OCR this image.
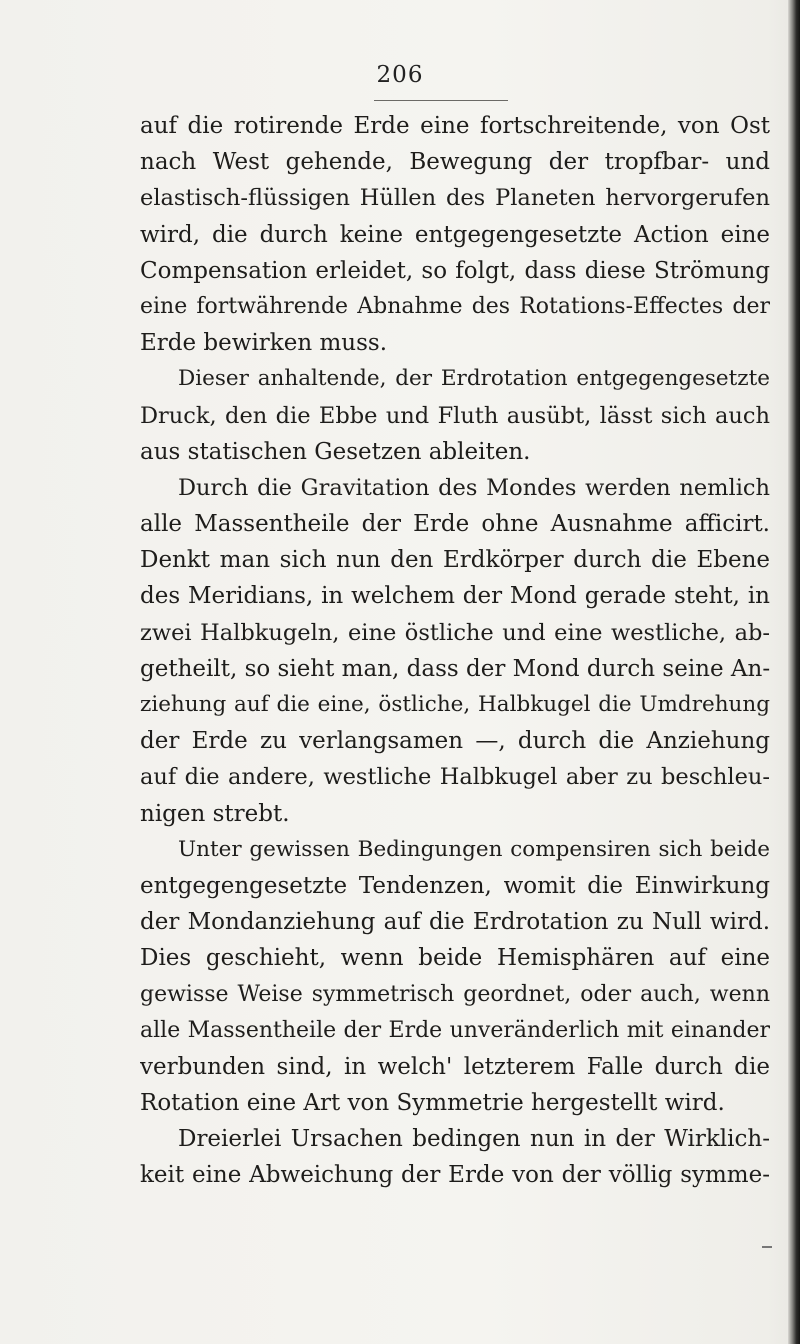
206
auf die rotirende Erde eine fortschreitende, von Ost
nach West gehende, Bewegung der tropfbar- und
elastisch-flüssigen Hüllen des Planeten hervorgerufen
wird, die durch keine entgegengesetzte Action eine
Compensation erleidet, so folgt, dass diese Strömung
eine fortwährende Abnahme des Rotations-Effectes der
Erde bewirken muss.
Dieser anhaltende, der Erdrotation entgegengesetzte
Druck, den die Ebbe und Fluth ausübt, lässt sich auch
aus statischen Gesetzen ableiten.
Durch die Gravitation des Mondes werden nemlich
alle Massentheile der Erde ohne Ausnahme afficirt.
Denkt man sich nun den Erdkörper durch die Ebene
des Meridians, in welchem der Mond gerade steht, in
zwei Halbkugeln, eine östliche und eine westliche, ab-
getheilt, so sieht man, dass der Mond durch seine An-
ziehung auf die eine, östliche, Halbkugel die Umdrehung
der Erde zu verlangsamen —, durch die Anziehung
auf die andere, westliche Halbkugel aber zu beschleu-
nigen strebt.
Unter gewissen Bedingungen compensiren sich beide
entgegengesetzte Tendenzen, womit die Einwirkung
der Mondanziehung auf die Erdrotation zu Null wird.
Dies geschieht, wenn beide Hemisphären auf eine
gewisse Weise symmetrisch geordnet, oder auch, wenn
alle Massentheile der Erde unveränderlich mit einander
verbunden sind, in welch' letzterem Falle durch die
Rotation eine Art von Symmetrie hergestellt wird.
Dreierlei Ursachen bedingen nun in der Wirklich-
keit eine Abweichung der Erde von der völlig symme-
